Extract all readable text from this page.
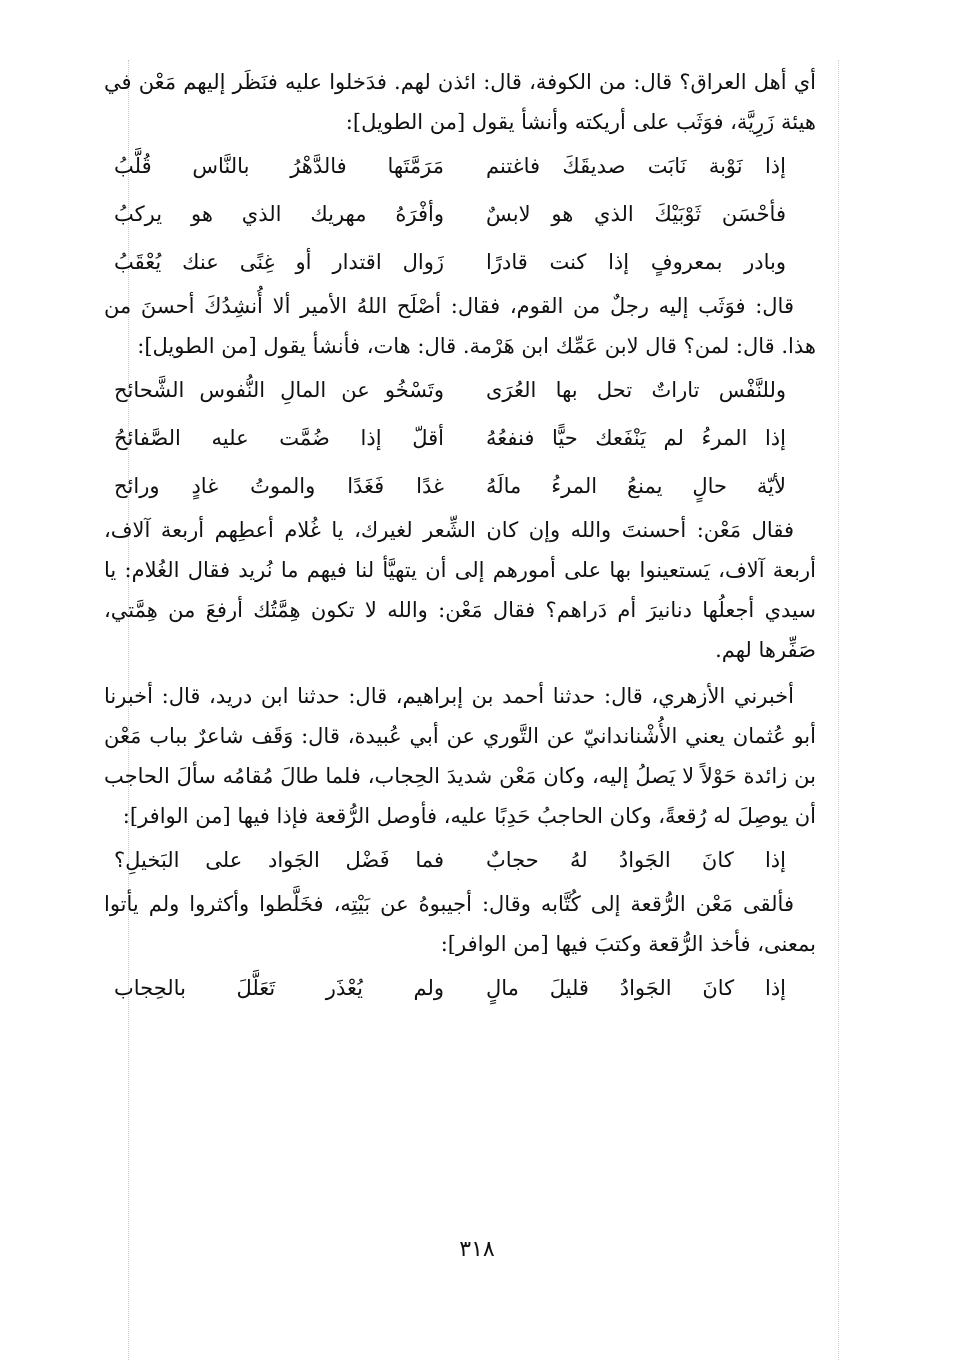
أي أهل العراق؟ قال: من الكوفة، قال: ائذن لهم. فدَخلوا عليه فنَظَر إليهم مَعْن في هيئة زَرِيَّة، فوَثَب على أريكته وأنشأ يقول [من الطويل]:

إذا نَوْبة نَابَت صديقَكَ فاغتنم
مَرَمَّتَها فالدَّهْرُ بالنَّاس قُلَّبُ
فأحْسَن ثَوْبَيْكَ الذي هو لابسٌ
وأفْرَهُ مهريك الذي هو يركبُ
وبادر بمعروفٍ إذا كنت قادرًا
زَوال اقتدار أو غِنًى عنك يُعْقَبُ

قال: فوَثَب إليه رجلٌ من القوم، فقال: أصْلَح اللهُ الأمير ألا أُنشِدُكَ أحسنَ من هذا. قال: لمن؟ قال لابن عَمِّك ابن هَرْمة. قال: هات، فأنشأ يقول [من الطويل]:

وللنَّفْس تاراتٌ تحل بها العُرَى
وتَسْخُو عن المالِ النُّفوس الشَّحائح
إذا المرءُ لم يَنْفَعك حيًّا فنفعُهُ
أقلّ إذا ضُمَّت عليه الصَّفائحُ
لأيّة حالٍ يمنعُ المرءُ مالَهُ
غدًا فَغَدًا والموتُ غادٍ ورائح

فقال مَعْن: أحسنتَ والله وإن كان الشِّعر لغيرك، يا غُلام أعطِهم أربعة آلاف، أربعة آلاف، يَستعينوا بها على أمورهم إلى أن يتهيَّأ لنا فيهم ما نُريد فقال الغُلام: يا سيدي أجعلُها دنانيرَ أم دَراهم؟ فقال مَعْن: والله لا تكون هِمَّتُك أرفعَ من هِمَّتي، صَفِّرها لهم.

أخبرني الأزهري، قال: حدثنا أحمد بن إبراهيم، قال: حدثنا ابن دريد، قال: أخبرنا أبو عُثمان يعني الأُشْناندانيّ عن التَّوري عن أبي عُبيدة، قال: وَقَف شاعرٌ بباب مَعْن بن زائدة حَوْلاً لا يَصلُ إليه، وكان مَعْن شديدَ الحِجاب، فلما طالَ مُقامُه سألَ الحاجب أن يوصِلَ له رُقعةً، وكان الحاجبُ حَدِبًا عليه، فأوصل الرُّقعة فإذا فيها [من الوافر]:

إذا كانَ الجَوادُ لهُ حجابٌ
فما فَضْل الجَواد على البَخيلِ؟

فألقى مَعْن الرُّقعة إلى كُتَّابه وقال: أجيبوهُ عن بَيْتِه، فخَلَّطوا وأكثروا ولم يأتوا بمعنى، فأخذ الرُّقعة وكتبَ فيها [من الوافر]:

إذا كانَ الجَوادُ قليلَ مالٍ
ولم يُعْذَر تَعَلَّلَ بالحِجاب
٣١٨
